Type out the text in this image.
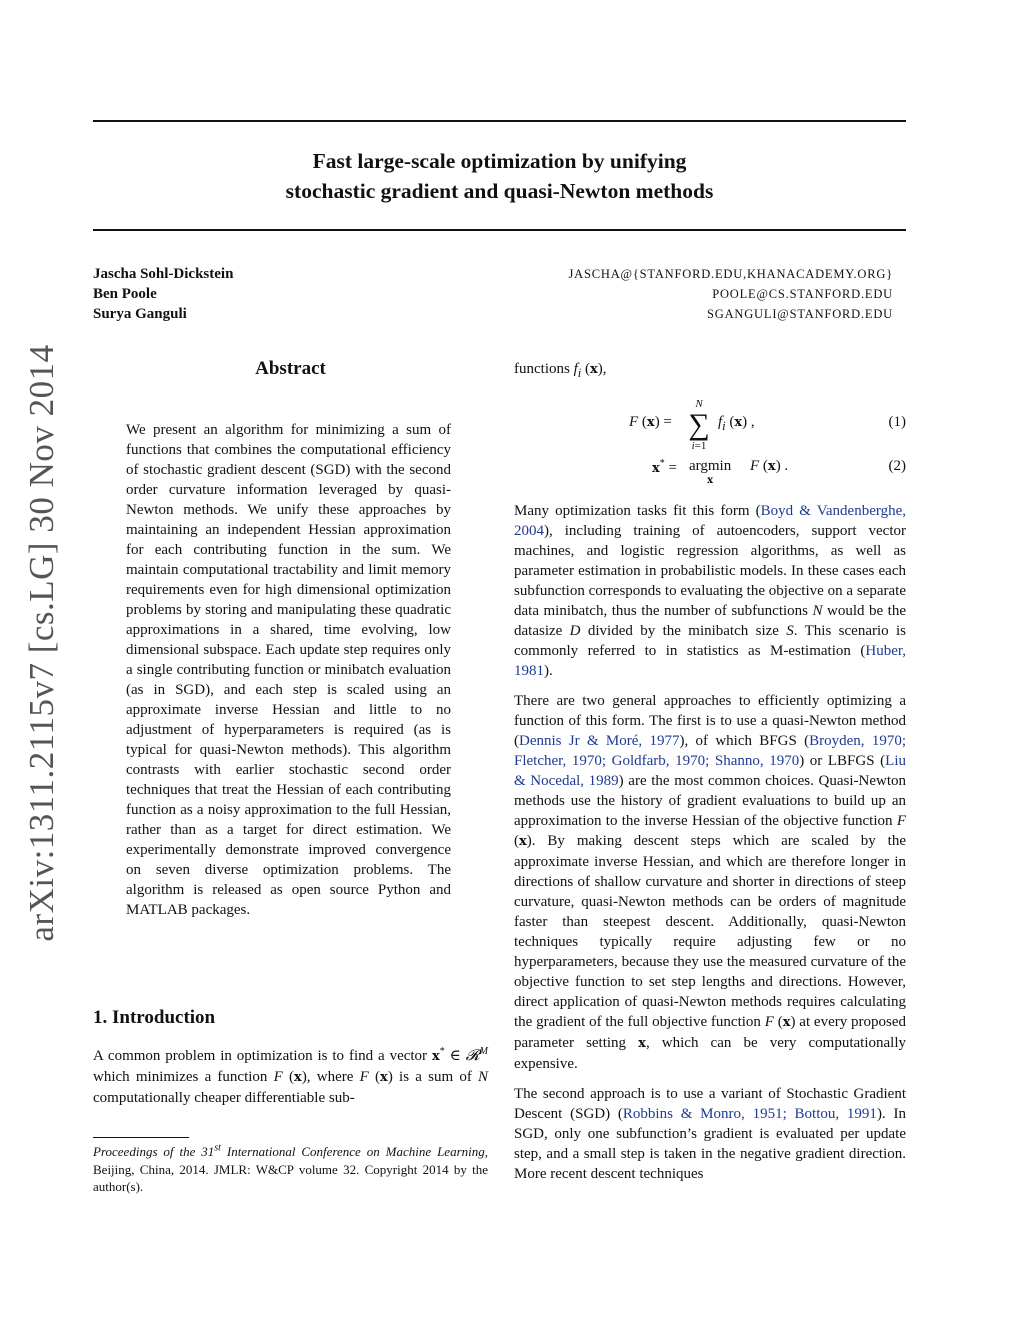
arXiv:1311.2115v7 [cs.LG] 30 Nov 2014
Fast large-scale optimization by unifying
stochastic gradient and quasi-Newton methods
Jascha Sohl-Dickstein
Ben Poole
Surya Ganguli
JASCHA@{STANFORD.EDU,KHANACADEMY.ORG}
POOLE@CS.STANFORD.EDU
SGANGULI@STANFORD.EDU
Abstract
We present an algorithm for minimizing a sum of functions that combines the computational efficiency of stochastic gradient descent (SGD) with the second order curvature information leveraged by quasi-Newton methods. We unify these approaches by maintaining an independent Hessian approximation for each contributing function in the sum. We maintain computational tractability and limit memory requirements even for high dimensional optimization problems by storing and manipulating these quadratic approximations in a shared, time evolving, low dimensional subspace. Each update step requires only a single contributing function or minibatch evaluation (as in SGD), and each step is scaled using an approximate inverse Hessian and little to no adjustment of hyperparameters is required (as is typical for quasi-Newton methods). This algorithm contrasts with earlier stochastic second order techniques that treat the Hessian of each contributing function as a noisy approximation to the full Hessian, rather than as a target for direct estimation. We experimentally demonstrate improved convergence on seven diverse optimization problems. The algorithm is released as open source Python and MATLAB packages.
1. Introduction
A common problem in optimization is to find a vector x* ∈ 𝓡$^M$ which minimizes a function F (x), where F (x) is a sum of N computationally cheaper differentiable sub-
Proceedings of the 31st International Conference on Machine Learning, Beijing, China, 2014. JMLR: W&CP volume 32. Copyright 2014 by the author(s).
functions $f_i$ (x),
F (x) =
N
∑
i=1
$f_i$ (x) ,	(1)
x* = argmin
x
F (x) .	(2)

Many optimization tasks fit this form (Boyd & Vandenberghe, 2004), including training of autoencoders, support vector machines, and logistic regression algorithms, as well as parameter estimation in probabilistic models. In these cases each subfunction corresponds to evaluating the objective on a separate data minibatch, thus the number of subfunctions N would be the datasize D divided by the minibatch size S. This scenario is commonly referred to in statistics as M-estimation (Huber, 1981).

There are two general approaches to efficiently optimizing a function of this form. The first is to use a quasi-Newton method (Dennis Jr & Moré, 1977), of which BFGS (Broyden, 1970; Fletcher, 1970; Goldfarb, 1970; Shanno, 1970) or LBFGS (Liu & Nocedal, 1989) are the most common choices. Quasi-Newton methods use the history of gradient evaluations to build up an approximation to the inverse Hessian of the objective function F (x). By making descent steps which are scaled by the approximate inverse Hessian, and which are therefore longer in directions of shallow curvature and shorter in directions of steep curvature, quasi-Newton methods can be orders of magnitude faster than steepest descent. Additionally, quasi-Newton techniques typically require adjusting few or no hyperparameters, because they use the measured curvature of the objective function to set step lengths and directions. However, direct application of quasi-Newton methods requires calculating the gradient of the full objective function F (x) at every proposed parameter setting x, which can be very computationally expensive.

The second approach is to use a variant of Stochastic Gradient Descent (SGD) (Robbins & Monro, 1951; Bottou, 1991). In SGD, only one subfunction’s gradient is evaluated per update step, and a small step is taken in the negative gradient direction. More recent descent techniques
